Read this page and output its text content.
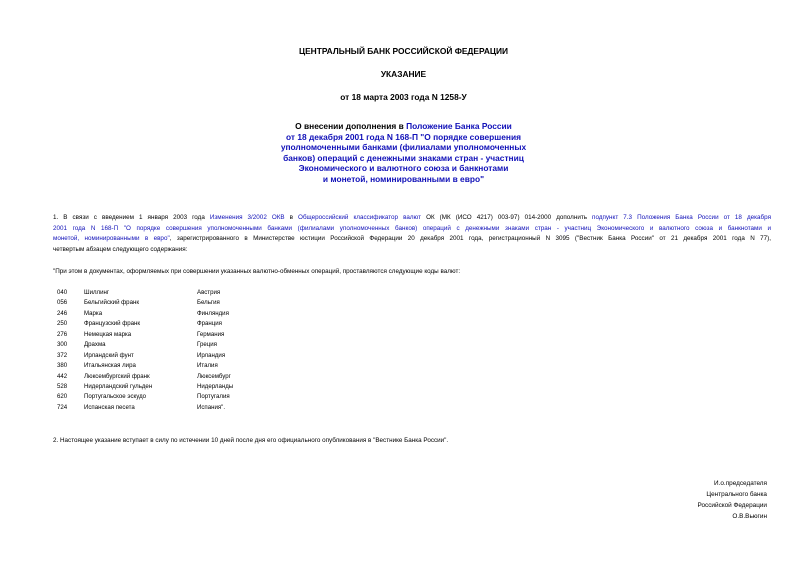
ЦЕНТРАЛЬНЫЙ БАНК РОССИЙСКОЙ ФЕДЕРАЦИИ
УКАЗАНИЕ
от 18 марта 2003 года N 1258-У
О внесении дополнения в Положение Банка России
от 18 декабря 2001 года N 168-П "О порядке совершения
уполномоченными банками (филиалами уполномоченных
банков) операций с денежными знаками стран - участниц
Экономического и валютного союза и банкнотами
и монетой, номинированными в евро"
1. В связи с введением 1 января 2003 года Изменения 3/2002 ОКВ в Общероссийский классификатор валют ОК (МК (ИСО 4217) 003-97) 014-2000 дополнить подпункт 7.3 Положения Банка России от 18 декабря
2001 года N 168-П "О порядке совершения уполномоченными банками (филиалами уполномоченных банков) операций с денежными знаками стран - участниц Экономического и валютного союза и банкнотами и
монетой, номинированными в евро", зарегистрированного в Министерстве юстиции Российской Федерации 20 декабря 2001 года, регистрационный N 3095 ("Вестник Банка России" от 21 декабря 2001 года N 77),
четвертым абзацем следующего содержания:
"При этом в документах, оформляемых при совершении указанных валютно-обменных операций, проставляются следующие коды валют:
040	Шиллинг	Австрия
056	Бельгийский франк	Бельгия
246	Марка	Финляндия
250	Французский франк	Франция
276	Немецкая марка	Германия
300	Драхма	Греция
372	Ирландский фунт	Ирландия
380	Итальянская лира	Италия
442	Люксембургский франк	Люксембург
528	Нидерландский гульден	Нидерланды
620	Португальское эскудо	Португалия
724	Испанская песета	Испания".
2. Настоящее указание вступает в силу по истечении 10 дней после дня его официального опубликования в "Вестнике Банка России".
И.о.председателя
Центрального банка
Российской Федерации
О.В.Вьюгин
